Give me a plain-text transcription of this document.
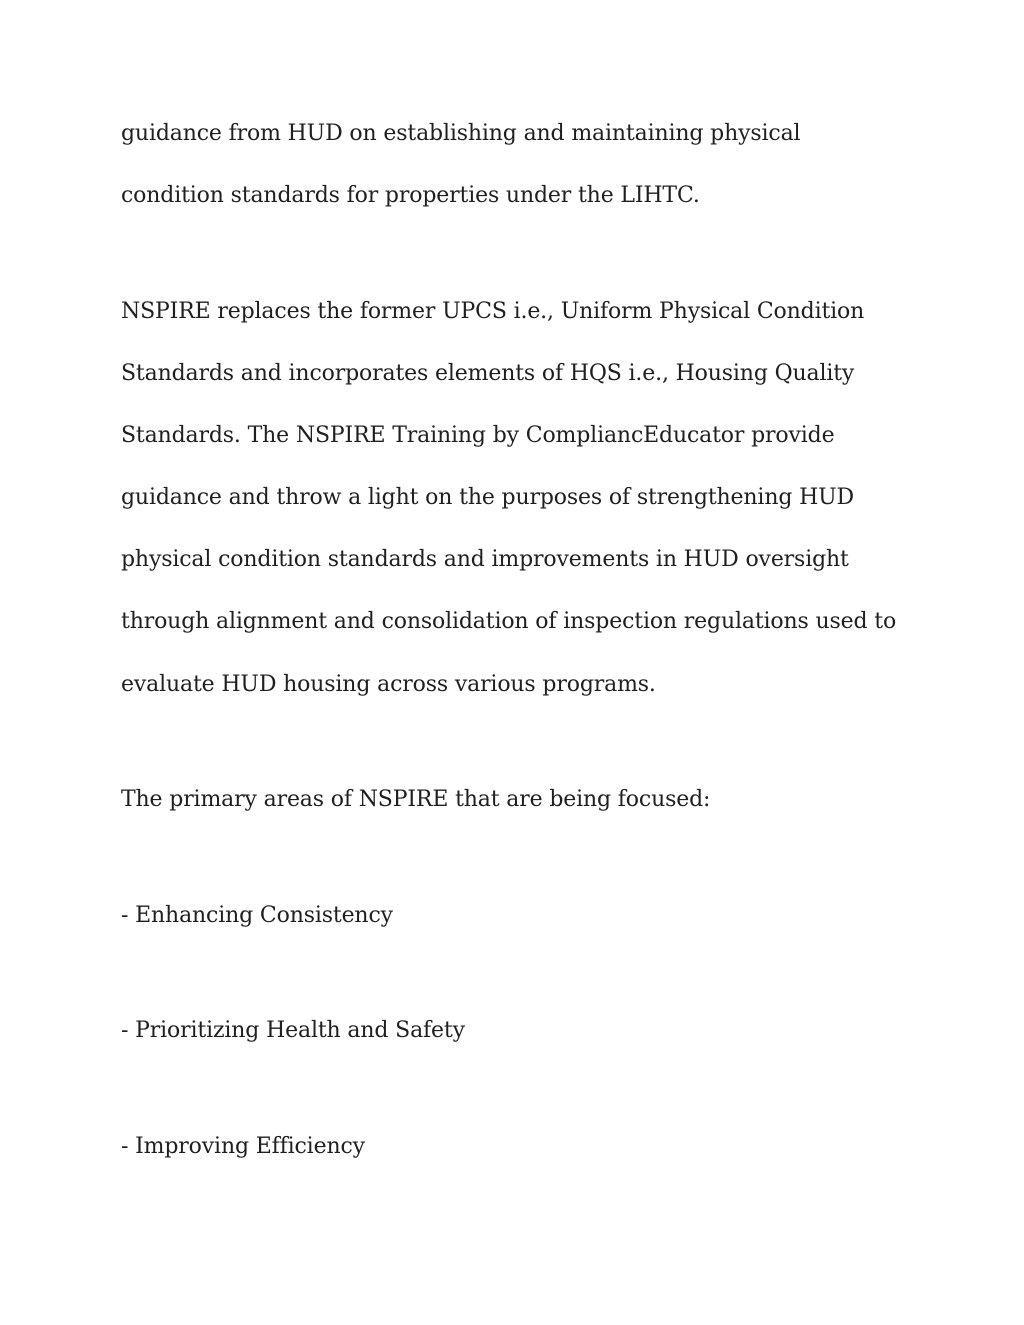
guidance from HUD on establishing and maintaining physical

condition standards for properties under the LIHTC.

NSPIRE replaces the former UPCS i.e., Uniform Physical Condition

Standards and incorporates elements of HQS i.e., Housing Quality

Standards. The NSPIRE Training by CompliancEducator provide

guidance and throw a light on the purposes of strengthening HUD

physical condition standards and improvements in HUD oversight

through alignment and consolidation of inspection regulations used to

evaluate HUD housing across various programs.

The primary areas of NSPIRE that are being focused:

- Enhancing Consistency

- Prioritizing Health and Safety

- Improving Efficiency
